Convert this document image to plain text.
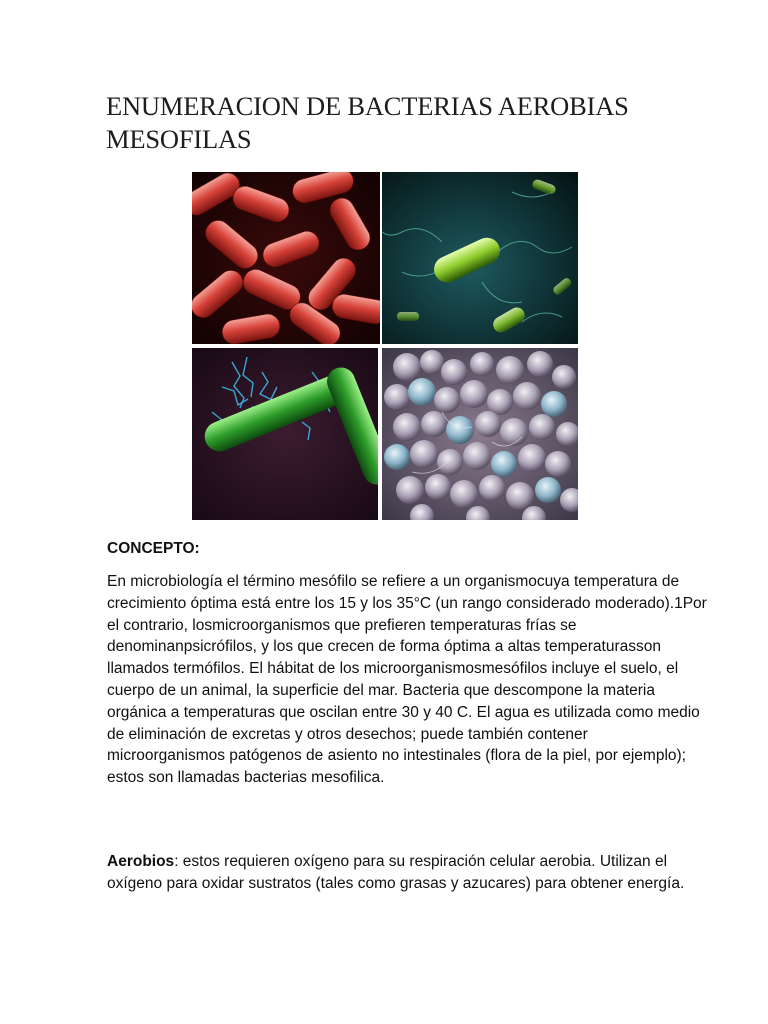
ENUMERACION DE BACTERIAS AEROBIAS MESOFILAS

CONCEPTO:

En microbiología el término mesófilo se refiere a un organismocuya temperatura de crecimiento óptima está entre los 15 y los 35°C (un rango considerado moderado).1Por el contrario, losmicroorganismos que prefieren temperaturas frías se denominanpsicrófilos, y los que crecen de forma óptima a altas temperaturasson llamados termófilos. El hábitat de los microorganismosmesófilos incluye el suelo, el cuerpo de un animal, la superficie del mar. Bacteria que descompone la materia orgánica a temperaturas que oscilan entre 30 y 40 C. El agua es utilizada como medio de eliminación de excretas y otros desechos; puede también contener microorganismos patógenos de asiento no intestinales (flora de la piel, por ejemplo); estos son llamadas bacterias mesofilica.

Aerobios: estos requieren oxígeno para su respiración celular aerobia. Utilizan el oxígeno para oxidar sustratos (tales como grasas y azucares) para obtener energía.
